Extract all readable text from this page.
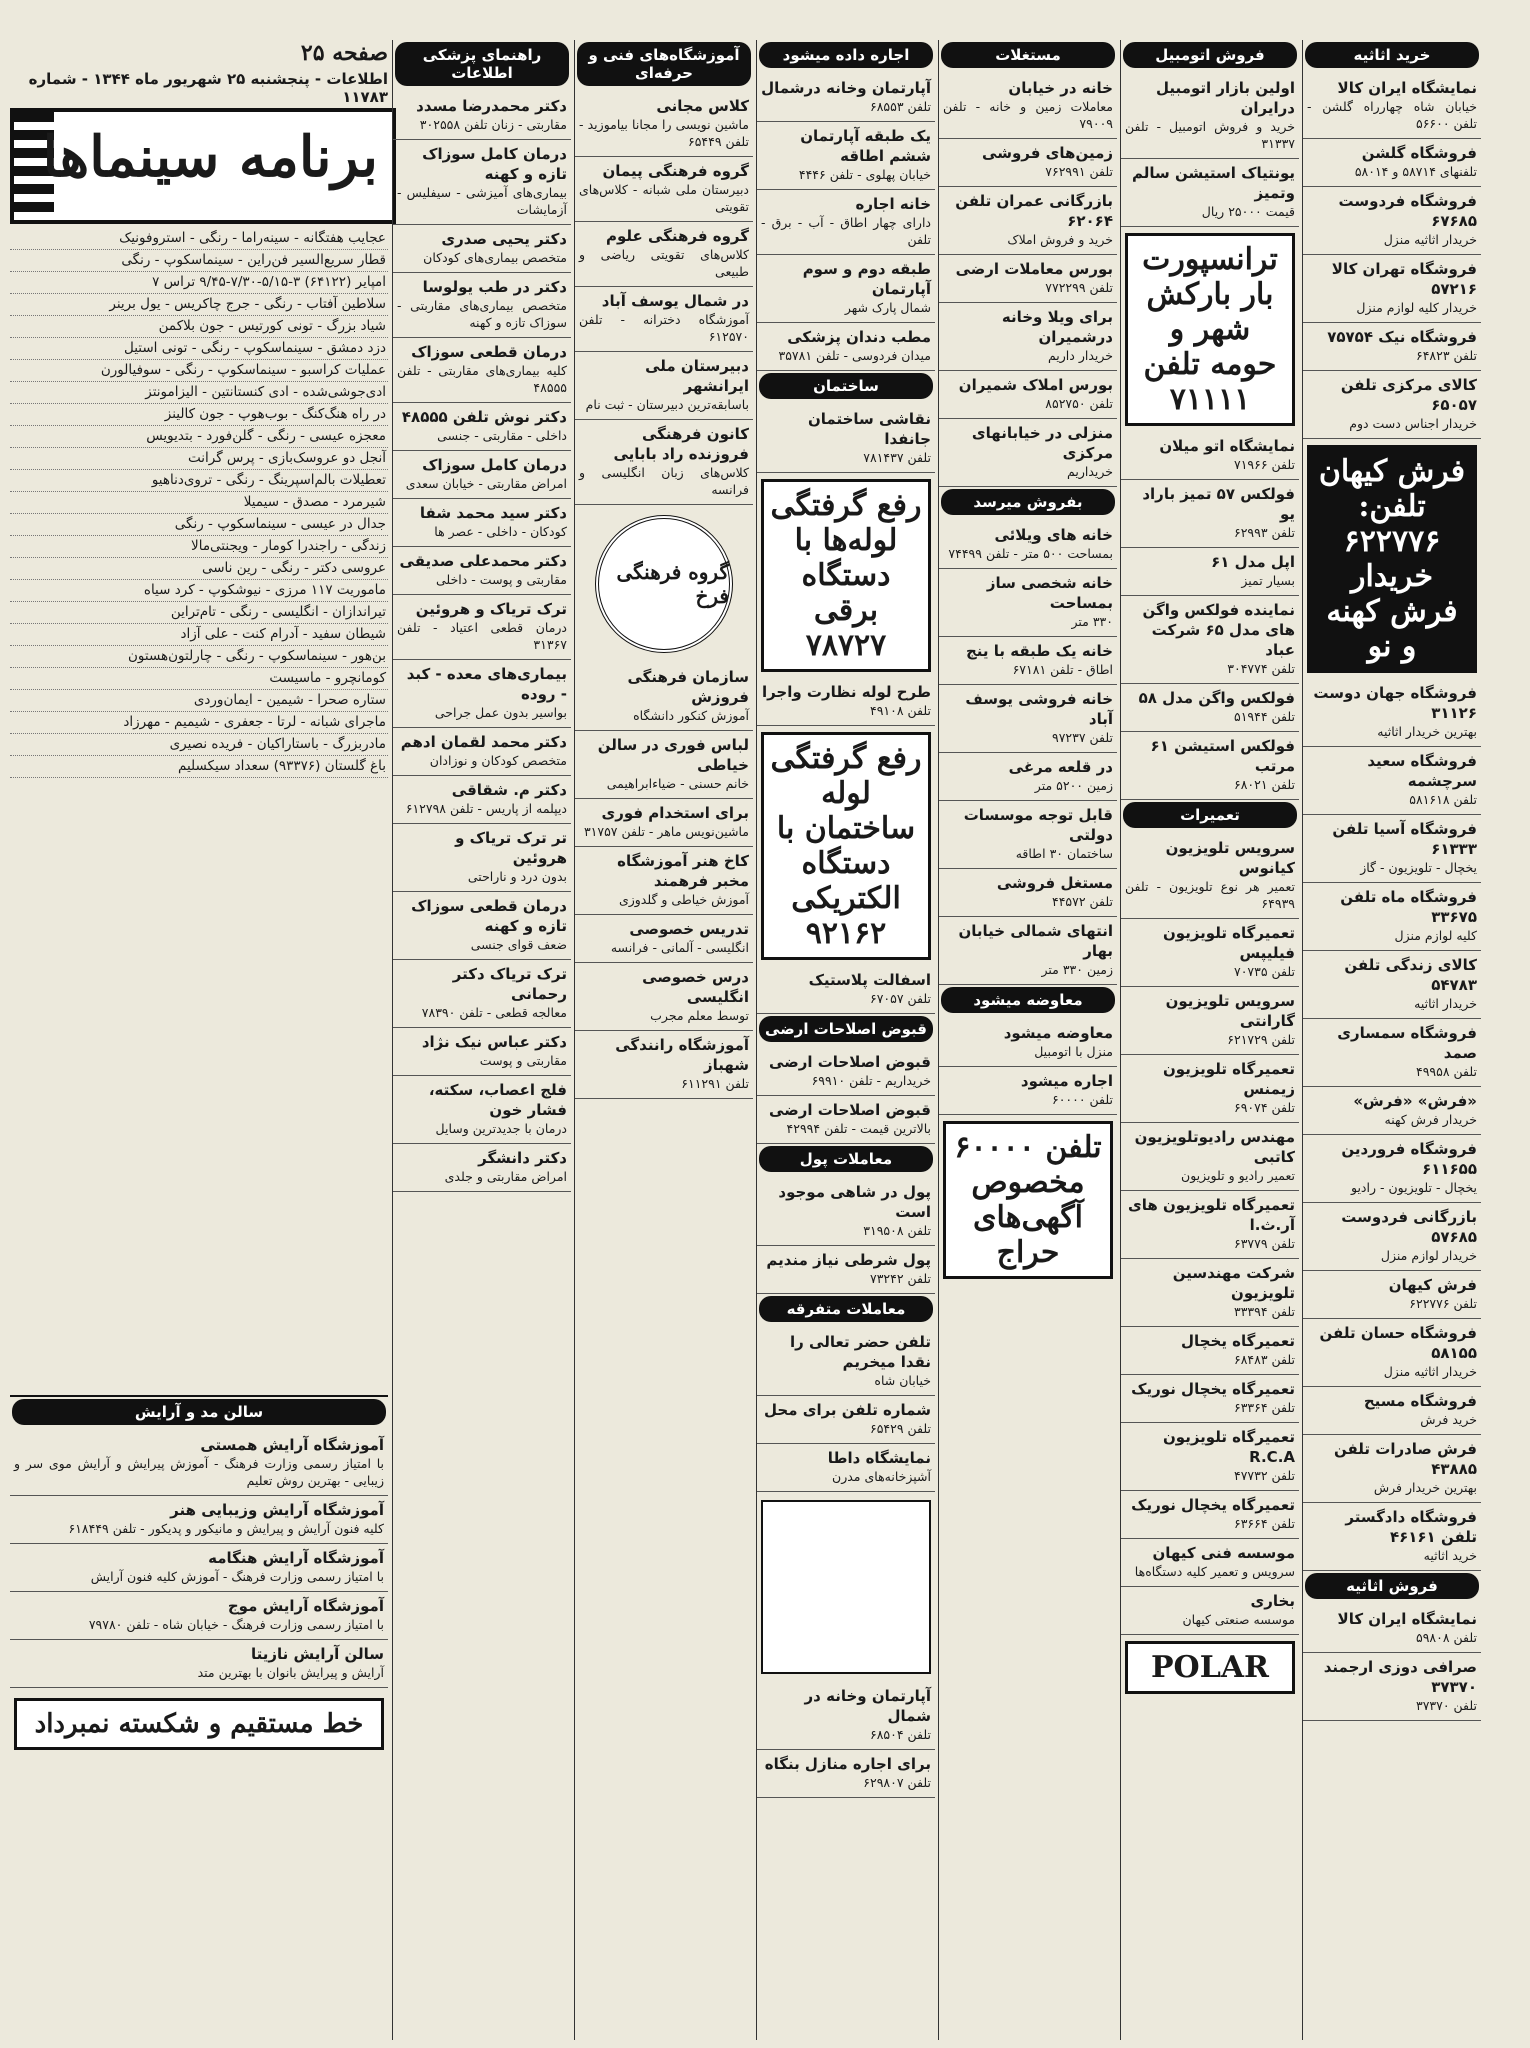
صفحه ۲۵
اطلاعات - پنجشنبه ۲۵ شهریور ماه ۱۳۴۴ - شماره ۱۱۷۸۳
برنامه سینماها
عجایب هفتگانه - سینه‌راما - رنگی - استروفونیک
قطار سریع‌السیر فن‌راین - سینماسکوپ - رنگی
امپایر (۶۴۱۲۲) ۳-۵/۱۵-۷/۳۰-۹/۴۵ تراس ۷
سلاطین آفتاب - رنگی - جرج چاکریس - یول برینر
شیاد بزرگ - تونی کورتیس - جون بلاکمن
دزد دمشق - سینماسکوپ - رنگی - تونی استیل
عملیات کراسبو - سینماسکوپ - رنگی - سوفیالورن
ادی‌جوشی‌شده - ادی کنستانتین - الیزامونتز
در راه هنگ‌کنگ - بوب‌هوپ - جون کالینز
معجزه عیسی - رنگی - گلن‌فورد - بتدیویس
آنجل دو عروسک‌بازی - پرس گرانت
تعطیلات بالم‌اسپرینگ - رنگی - تروی‌دناهیو
شیرمرد - مصدق - سیمیلا
جدال در عیسی - سینماسکوپ - رنگی
زندگی - راجندرا کومار - ویجنتی‌مالا
عروسی دکتر - رنگی - رین ناسی
ماموریت ۱۱۷ مرزی - نیوشکوپ - کرد سیاه
تیراندازان - انگلیسی - رنگی - تام‌تراین
شیطان سفید - آدرام کنت - علی آزاد
بن‌هور - سینماسکوپ - رنگی - چارلتون‌هستون
کومانچرو - ماسیست
ستاره صحرا - شیمین - ایمان‌وردی
ماجرای شبانه - لرتا - جعفری - شیمیم - مهرزاد
مادربزرگ - باستاراکیان - فریده نصیری
باغ گلستان (۹۳۳۷۶) سعداد سیکسلیم
سالن مد و آرایش
آموزشگاه آرایش همستی
با امتیاز رسمی وزارت فرهنگ - آموزش پیرایش و آرایش موی سر و زیبایی - بهترین روش تعلیم
آموزشگاه آرایش وزیبایی هنر
کلیه فنون آرایش و پیرایش و مانیکور و پدیکور - تلفن ۶۱۸۴۴۹
آموزشگاه آرایش هنگامه
با امتیاز رسمی وزارت فرهنگ - آموزش کلیه فنون آرایش
آموزشگاه آرایش موج
با امتیاز رسمی وزارت فرهنگ - خیابان شاه - تلفن ۷۹۷۸۰
سالن آرایش نازیتا
آرایش و پیرایش بانوان با بهترین متد
خط مستقیم و شکسته نمبرداد
راهنمای پزشکی اطلاعات
دکتر محمدرضا مسدد
مقاربتی - زنان تلفن ۳۰۲۵۵۸
درمان کامل سوزاک تازه و کهنه
بیماری‌های آمیزشی - سیفلیس - آزمایشات
دکتر یحیی صدری
متخصص بیماری‌های کودکان
دکتر در طب یولوسا
متخصص بیماری‌های مقاربتی - سوزاک تازه و کهنه
درمان قطعی سوزاک
کلیه بیماری‌های مقاربتی - تلفن ۴۸۵۵۵
دکتر نوش تلفن ۴۸۵۵۵
داخلی - مقاربتی - جنسی
درمان کامل سوزاک
امراض مقاربتی - خیابان سعدی
دکتر سید محمد شفا
کودکان - داخلی - عصر ها
دکتر محمدعلی صدیقی
مقاربتی و پوست - داخلی
ترک تریاک و هروئین
درمان قطعی اعتیاد - تلفن ۳۱۳۶۷
بیماری‌های معده - کبد - روده
بواسیر بدون عمل جراحی
دکتر محمد لقمان ادهم
متخصص کودکان و نوزادان
دکتر م. شقاقی
دیپلمه از پاریس - تلفن ۶۱۲۷۹۸
تر ترک تریاک و هروئین
بدون درد و ناراحتی
درمان قطعی سوزاک تازه و کهنه
ضعف قوای جنسی
ترک تریاک دکتر رحمانی
معالجه قطعی - تلفن ۷۸۳۹۰
دکتر عباس نیک نژاد
مقاربتی و پوست
فلج اعصاب، سکته، فشار خون
درمان با جدیدترین وسایل
دکتر دانشگر
امراض مقاربتی و جلدی
آموزشگاه‌های فنی و حرفه‌ای
کلاس مجانی
ماشین نویسی را مجانا بیاموزید - تلفن ۶۵۴۴۹
گروه فرهنگی پیمان
دبیرستان ملی شبانه - کلاس‌های تقویتی
گروه فرهنگی علوم
کلاس‌های تقویتی ریاضی و طبیعی
در شمال یوسف آباد
آموزشگاه دخترانه - تلفن ۶۱۲۵۷۰
دبیرستان ملی ایرانشهر
باسابقه‌ترین دبیرستان - ثبت نام
کانون فرهنگی فروزنده راد بابایی
کلاس‌های زبان انگلیسی و فرانسه
گروه فرهنگی فرخ
سازمان فرهنگی فروزش
آموزش کنکور دانشگاه
لباس فوری در سالن خیاطی
خانم حسنی - ضیاءابراهیمی
برای استخدام فوری
ماشین‌نویس ماهر - تلفن ۳۱۷۵۷
کاخ هنر آموزشگاه مخبر فرهمند
آموزش خیاطی و گلدوزی
تدریس خصوصی
انگلیسی - آلمانی - فرانسه
درس خصوصی انگلیسی
توسط معلم مجرب
آموزشگاه رانندگی شهباز
تلفن ۶۱۱۲۹۱
اجاره داده میشود
آپارتمان وخانه درشمال
تلفن ۶۸۵۵۳
یک طبقه آپارتمان ششم اطاقه
خیابان پهلوی - تلفن ۴۴۴۶
خانه اجاره
دارای چهار اطاق - آب - برق - تلفن
طبقه دوم و سوم آپارتمان
شمال پارک شهر
مطب دندان پزشکی
میدان فردوسی - تلفن ۳۵۷۸۱
ساختمان
نقاشی ساختمان جانفدا
تلفن ۷۸۱۴۳۷
رفع گرفتگی لوله‌ها با دستگاه برقی ۷۸۷۲۷
طرح لوله نظارت واجرا
تلفن ۴۹۱۰۸
رفع گرفتگی لوله ساختمان با دستگاه الکتریکی ۹۲۱۶۲
اسفالت پلاستیک
تلفن ۶۷۰۵۷
قبوض اصلاحات ارضی
قبوض اصلاحات ارضی
خریداریم - تلفن ۶۹۹۱۰
قبوض اصلاحات ارضی
بالاترین قیمت - تلفن ۴۲۹۹۴
معاملات پول
پول در شاهی موجود است
تلفن ۳۱۹۵۰۸
پول شرطی نیاز مندیم
تلفن ۷۳۲۴۲
معاملات متفرقه
تلفن حضر تعالی را نقدا میخریم
خیابان شاه
شماره تلفن برای محل
تلفن ۶۵۴۲۹
نمایشگاه داطا
آشپزخانه‌های مدرن
آپارتمان وخانه در شمال
تلفن ۶۸۵۰۴
برای اجاره منازل بنگاه
تلفن ۶۲۹۸۰۷
مستغلات
خانه در خیابان
معاملات زمین و خانه - تلفن ۷۹۰۰۹
زمین‌های فروشی
تلفن ۷۶۲۹۹۱
بازرگانی عمران تلفن ۶۲۰۶۴
خرید و فروش املاک
بورس معاملات ارضی
تلفن ۷۷۲۲۹۹
برای ویلا وخانه درشمیران
خریدار داریم
بورس املاک شمیران
تلفن ۸۵۲۷۵۰
منزلی در خیابانهای مرکزی
خریداریم
بفروش میرسد
خانه های ویلائی
بمساحت ۵۰۰ متر - تلفن ۷۴۴۹۹
خانه شخصی ساز بمساحت
۳۳۰ متر
خانه یک طبقه با ینج
اطاق - تلفن ۶۷۱۸۱
خانه فروشی یوسف آباد
تلفن ۹۷۲۳۷
در قلعه مرغی
زمین ۵۲۰۰ متر
قابل توجه موسسات دولتی
ساختمان ۳۰ اطاقه
مستغل فروشی
تلفن ۴۴۵۷۲
انتهای شمالی خیابان بهار
زمین ۳۳۰ متر
معاوضه میشود
معاوضه میشود
منزل با اتومبیل
اجاره میشود
تلفن ۶۰۰۰۰
تلفن ۶۰۰۰۰ مخصوص آگهی‌های حراج
فروش اتومبیل
اولین بازار اتومبیل درایران
خرید و فروش اتومبیل - تلفن ۳۱۳۳۷
یونتیاک استیشن سالم وتمیز
قیمت ۲۵۰۰۰ ریال
ترانسپورت بار بارکش شهر و حومه تلفن ۷۱۱۱۱
نمایشگاه اتو میلان
تلفن ۷۱۹۶۶
فولکس ۵۷ تمیز باراد یو
تلفن ۶۲۹۹۳
اپل مدل ۶۱
بسیار تمیز
نماینده فولکس واگن های مدل ۶۵ شرکت عباد
تلفن ۳۰۴۷۷۴
فولکس واگن مدل ۵۸
تلفن ۵۱۹۴۴
فولکس استیشن ۶۱ مرتب
تلفن ۶۸۰۲۱
تعمیرات
سرویس تلویزیون کیانوس
تعمیر هر نوع تلویزیون - تلفن ۶۴۹۳۹
تعمیرگاه تلویزیون فیلیپس
تلفن ۷۰۷۳۵
سرویس تلویزیون گارانتی
تلفن ۶۲۱۷۲۹
تعمیرگاه تلویزیون زیمنس
تلفن ۶۹۰۷۴
مهندس رادیوتلویزیون کاتبی
تعمیر رادیو و تلویزیون
تعمیرگاه تلویزیون های آر.ث.ا
تلفن ۶۳۷۷۹
شرکت مهندسین تلویزیون
تلفن ۳۳۳۹۴
تعمیرگاه یخچال
تلفن ۶۸۴۸۳
تعمیرگاه یخچال نوریک
تلفن ۶۳۳۶۴
تعمیرگاه تلویزیون R.C.A
تلفن ۴۷۷۳۲
تعمیرگاه یخچال نوریک
تلفن ۶۳۶۶۴
موسسه فنی کیهان
سرویس و تعمیر کلیه دستگاه‌ها
بخاری
موسسه صنعتی کیهان
POLAR
خرید اثاثیه
نمایشگاه ایران کالا
خیابان شاه چهارراه گلشن - تلفن ۵۶۶۰۰
فروشگاه گلشن
تلفنهای ۵۸۷۱۴ و ۵۸۰۱۴
فروشگاه فردوست ۶۷۶۸۵
خریدار اثاثیه منزل
فروشگاه تهران کالا ۵۷۲۱۶
خریدار کلیه لوازم منزل
فروشگاه نیک ۷۵۷۵۴
تلفن ۶۴۸۲۳
کالای مرکزی تلفن ۶۵۰۵۷
خریدار اجناس دست دوم
فرش کیهان تلفن: ۶۲۲۷۷۶ خریدار فرش کهنه و نو
فروشگاه جهان دوست ۳۱۱۲۶
بهترین خریدار اثاثیه
فروشگاه سعید سرچشمه
تلفن ۵۸۱۶۱۸
فروشگاه آسیا تلفن ۶۱۳۳۳
یخچال - تلویزیون - گاز
فروشگاه ماه تلفن ۳۳۶۷۵
کلیه لوازم منزل
کالای زندگی تلفن ۵۴۷۸۳
خریدار اثاثیه
فروشگاه سمساری صمد
تلفن ۴۹۹۵۸
«فرش» «فرش»
خریدار فرش کهنه
فروشگاه فروردین ۶۱۱۶۵۵
یخچال - تلویزیون - رادیو
بازرگانی فردوست ۵۷۶۸۵
خریدار لوازم منزل
فرش کیهان
تلفن ۶۲۲۷۷۶
فروشگاه حسان تلفن ۵۸۱۵۵
خریدار اثاثیه منزل
فروشگاه مسیح
خرید فرش
فرش صادرات تلفن ۴۳۸۸۵
بهترین خریدار فرش
فروشگاه دادگستر تلفن ۴۶۱۶۱
خرید اثاثیه
فروش اثاثیه
نمایشگاه ایران کالا
تلفن ۵۹۸۰۸
صرافی دوزی ارجمند ۳۷۳۷۰
تلفن ۳۷۳۷۰
